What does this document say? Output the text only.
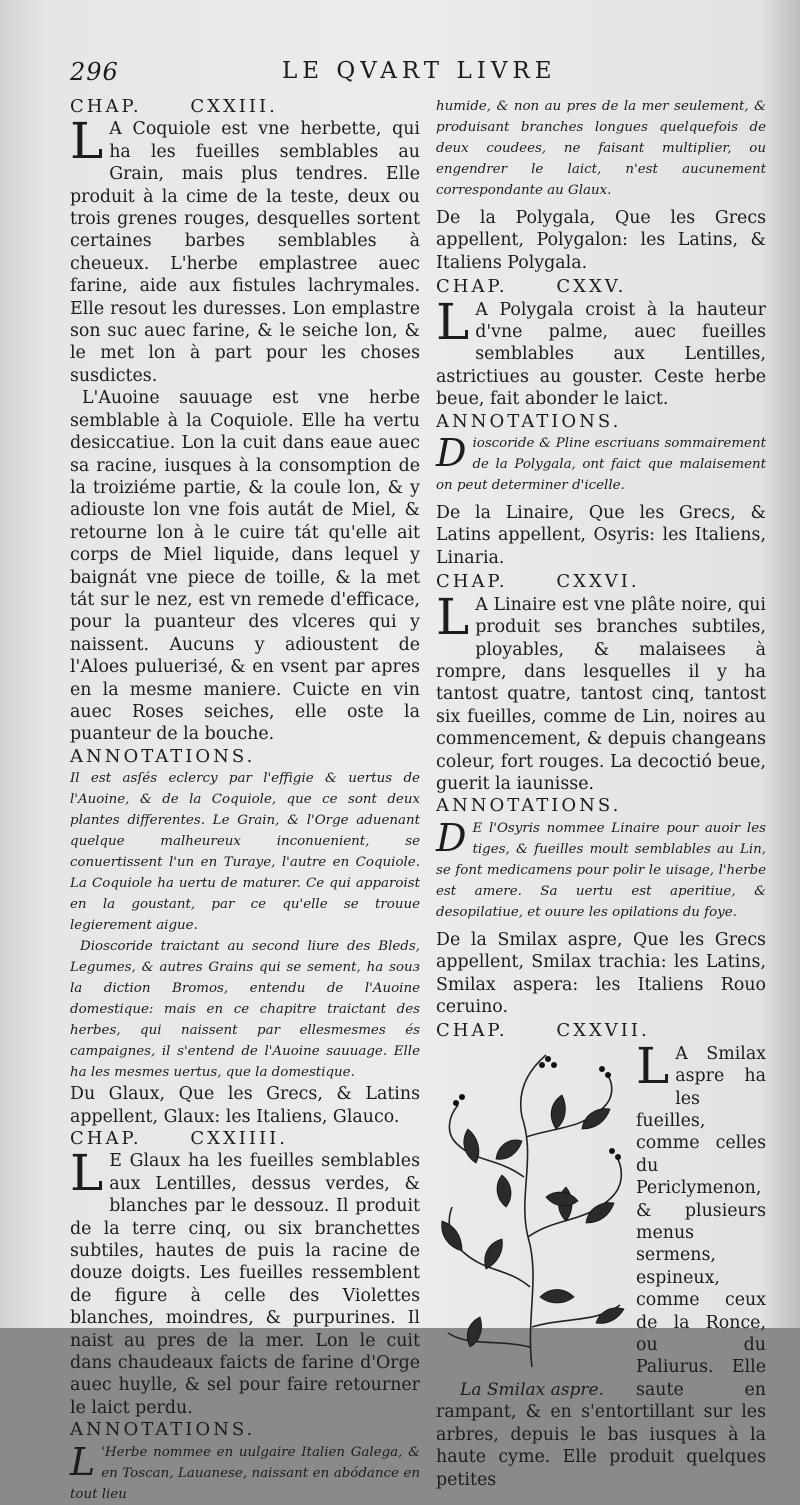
296	LE QVART LIVRE

CHAP. CXXIII.

L A Coquiole est vne herbette, qui ha les fueilles semblables au Grain, mais plus tendres. Elle produit à la cime de la teste, deux ou trois grenes rouges, desquelles sortent certaines barbes semblables à cheueux. L'herbe emplastree auec farine, aide aux fistules lachrymales. Elle resout les duresses. Lon emplastre son suc auec farine, & le seiche lon, & le met lon à part pour les choses susdictes.

L'Auoine sauuage est vne herbe semblable à la Coquiole. Elle ha vertu desiccatiue. Lon la cuit dans eaue auec sa racine, iusques à la consomption de la troiziéme partie, & la coule lon, & y adiouste lon vne fois autát de Miel, & retourne lon à le cuire tát qu'elle ait corps de Miel liquide, dans lequel y baignát vne piece de toille, & la met tát sur le nez, est vn remede d'efficace, pour la puanteur des vlceres qui y naissent. Aucuns y adioustent de l'Aloes pulueriзé, & en vsent par apres en la mesme maniere. Cuicte en vin auec Roses seiches, elle oste la puanteur de la bouche.

ANNOTATIONS.

Il est asſés eclercy par l'effigie & uertus de l'Auoine, & de la Coquiole, que ce sont deux plantes differentes. Le Grain, & l'Orge aduenant quelque malheureux inconuenient, se conuertissent l'un en Turaye, l'autre en Coquiole. La Coquiole ha uertu de maturer. Ce qui apparoist en la goustant, par ce qu'elle se trouue legierement aigue.

Dioscoride traictant au second liure des Bleds, Legumes, & autres Grains qui se sement, ha souз la diction Bromos, entendu de l'Auoine domestique: mais en ce chapitre traictant des herbes, qui naissent par ellesmesmes és campaignes, il s'entend de l'Auoine sauuage. Elle ha les mesmes uertus, que la domestique.

Du Glaux, Que les Grecs, & Latins appellent, Glaux: les Italiens, Glauco.

CHAP. CXXIIII.

L E Glaux ha les fueilles semblables aux Lentilles, dessus verdes, & blanches par le dessouz. Il produit de la terre cinq, ou six branchettes subtiles, hautes de puis la racine de douze doigts. Les fueilles ressemblent de figure à celle des Violettes blanches, moindres, & purpurines. Il naist au pres de la mer. Lon le cuit dans chaudeaux faicts de farine d'Orge auec huylle, & sel pour faire retourner le laict perdu.

ANNOTATIONS.

L 'Herbe nommee en uulgaire Italien Galega, & en Toscan, Lauanese, naissant en abódance en tout lieu

humide, & non au pres de la mer seulement, & produisant branches longues quelquefois de deux coudees, ne faisant multiplier, ou engendrer le laict, n'est aucunement correspondante au Glaux.

De la Polygala, Que les Grecs appellent, Polygalon: les Latins, & Italiens Polygala.

CHAP. CXXV.

L A Polygala croist à la hauteur d'vne palme, auec fueilles semblables aux Lentilles, astrictiues au gouster. Ceste herbe beue, fait abonder le laict.

ANNOTATIONS.

Dioscoride & Pline escriuans sommairement de la Polygala, ont faict que malaisement on peut determiner d'icelle.

De la Linaire, Que les Grecs, & Latins appellent, Osyris: les Italiens, Linaria.

CHAP. CXXVI.

L A Linaire est vne plâte noire, qui produit ses branches subtiles, ployables, & malaisees à rompre, dans lesquelles il y ha tantost quatre, tantost cinq, tantost six fueilles, comme de Lin, noires au commencement, & depuis changeans coleur, fort rouges. La decoctió beue, guerit la iaunisse.

ANNOTATIONS.

D E l'Osyris nommee Linaire pour auoir les tiges, & fueilles moult semblables au Lin, se font medicamens pour polir le uisage, l'herbe est amere. Sa uertu est aperitiue, & desopilatiue, et ouure les opilations du foye.

De la Smilax aspre, Que les Grecs appellent, Smilax trachia: les Latins, Smilax aspera: les Italiens Rouo ceruino.

CHAP. CXXVII.

La Smilax aspre.

L A Smilax aspre ha les fueilles, comme celles du Periclymenon, & plusieurs menus sermens, espineux, comme ceux de la Ronce, ou du Paliurus. Elle saute en rampant, & en s'entortillant sur les arbres, depuis le bas iusques à la haute cyme. Elle produit quelques petites
